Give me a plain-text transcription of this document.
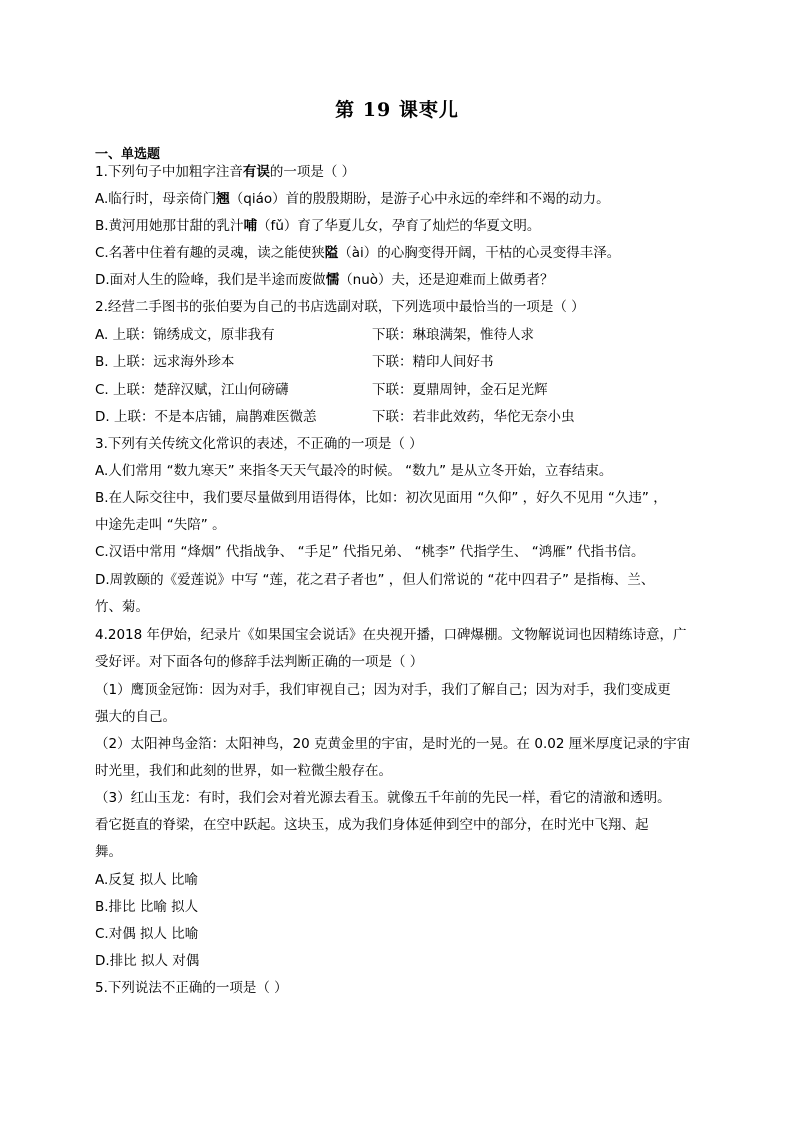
第 19 课枣儿
一、单选题
1.下列句子中加粗字注音有误的一项是（ ）
A.临行时，母亲倚门翘（qiáo）首的殷殷期盼，是游子心中永远的牵绊和不竭的动力。
B.黄河用她那甘甜的乳汁哺（fǔ）育了华夏儿女，孕育了灿烂的华夏文明。
C.名著中住着有趣的灵魂，读之能使狭隘（ài）的心胸变得开阔，干枯的心灵变得丰泽。
D.面对人生的险峰，我们是半途而废做懦（nuò）夫，还是迎难而上做勇者？
2.经营二手图书的张伯要为自己的书店选副对联，下列选项中最恰当的一项是（ ）
A. 上联：锦绣成文，原非我有	下联：琳琅满架，惟待人求
B. 上联：远求海外珍本	下联：精印人间好书
C. 上联：楚辞汉赋，江山何磅礴	下联：夏鼎周钟，金石足光辉
D. 上联：不是本店铺，扁鹊难医微恙	下联：若非此效药，华佗无奈小虫
3.下列有关传统文化常识的表述，不正确的一项是（ ）
A.人们常用 “数九寒天” 来指冬天天气最冷的时候。 “数九” 是从立冬开始，立春结束。
B.在人际交往中，我们要尽量做到用语得体，比如：初次见面用 “久仰” ，好久不见用 “久违” ，
中途先走叫 “失陪” 。
C.汉语中常用 “烽烟” 代指战争、 “手足” 代指兄弟、 “桃李” 代指学生、 “鸿雁” 代指书信。
D.周敦颐的《爱莲说》中写 “莲，花之君子者也” ，但人们常说的 “花中四君子” 是指梅、兰、
竹、菊。
4.2018 年伊始，纪录片《如果国宝会说话》在央视开播，口碑爆棚。文物解说词也因精练诗意，广
受好评。对下面各句的修辞手法判断正确的一项是（ ）
（1）鹰顶金冠饰：因为对手，我们审视自己；因为对手，我们了解自己；因为对手，我们变成更
强大的自己。
（2）太阳神鸟金箔：太阳神鸟，20 克黄金里的宇宙，是时光的一晃。在 0.02 厘米厚度记录的宇宙
时光里，我们和此刻的世界，如一粒微尘般存在。
（3）红山玉龙：有时，我们会对着光源去看玉。就像五千年前的先民一样，看它的清澈和透明。
看它挺直的脊梁，在空中跃起。这块玉，成为我们身体延伸到空中的部分，在时光中飞翔、起
舞。
A.反复 拟人 比喻
B.排比 比喻 拟人
C.对偶 拟人 比喻
D.排比 拟人 对偶
5.下列说法不正确的一项是（ ）
